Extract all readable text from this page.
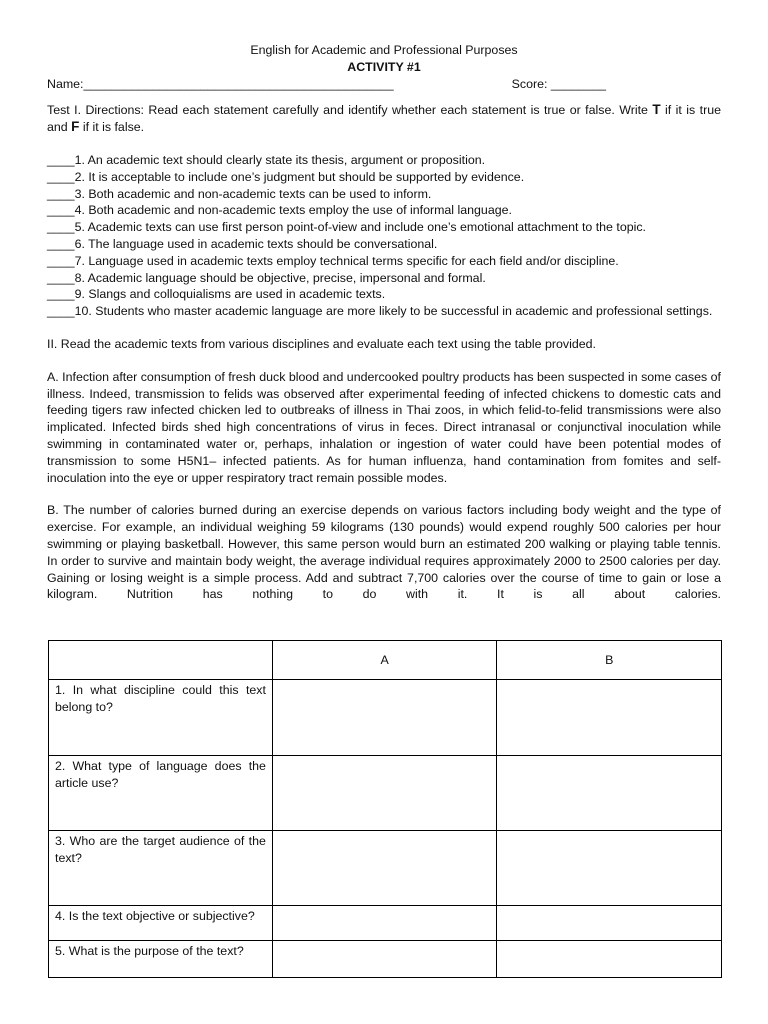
English for Academic and Professional Purposes

ACTIVITY #1

Name:_____________________________________________	Score: ________

Test I. Directions: Read each statement carefully and identify whether each statement is true or false. Write T if it is true and F if it is false.

____1. An academic text should clearly state its thesis, argument or proposition.

____2. It is acceptable to include one’s judgment but should be supported by evidence.

____3. Both academic and non-academic texts can be used to inform.

____4. Both academic and non-academic texts employ the use of informal language.

____5. Academic texts can use first person point-of-view and include one’s emotional attachment to the topic.

____6. The language used in academic texts should be conversational.

____7. Language used in academic texts employ technical terms specific for each field and/or discipline.

____8. Academic language should be objective, precise, impersonal and formal.

____9. Slangs and colloquialisms are used in academic texts.

____10. Students who master academic language are more likely to be successful in academic and professional settings.

II. Read the academic texts from various disciplines and evaluate each text using the table provided.

A. Infection after consumption of fresh duck blood and undercooked poultry products has been suspected in some cases of illness. Indeed, transmission to felids was observed after experimental feeding of infected chickens to domestic cats and feeding tigers raw infected chicken led to outbreaks of illness in Thai zoos, in which felid-to-felid transmissions were also implicated. Infected birds shed high concentrations of virus in feces. Direct intranasal or conjunctival inoculation while swimming in contaminated water or, perhaps, inhalation or ingestion of water could have been potential modes of transmission to some H5N1– infected patients. As for human influenza, hand contamination from fomites and self-inoculation into the eye or upper respiratory tract remain possible modes.

B. The number of calories burned during an exercise depends on various factors including body weight and the type of exercise. For example, an individual weighing 59 kilograms (130 pounds) would expend roughly 500 calories per hour swimming or playing basketball. However, this same person would burn an estimated 200 walking or playing table tennis. In order to survive and maintain body weight, the average individual requires approximately 2000 to 2500 calories per day. Gaining or losing weight is a simple process. Add and subtract 7,700 calories over the course of time to gain or lose a kilogram. Nutrition has nothing to do with it. It is all about calories.

	A	B
1. In what discipline could this text belong to?		
2. What type of language does the article use?		
3. Who are the target audience of the text?		
4. Is the text objective or subjective?		
5. What is the purpose of the text?		
